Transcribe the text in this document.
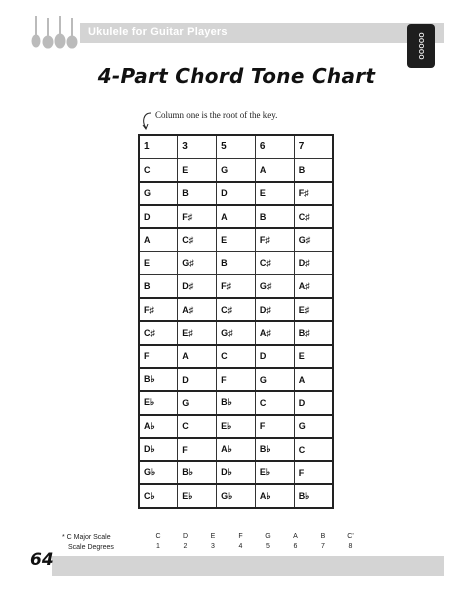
Ukulele for Guitar Players
ooooo
4-Part Chord Tone Chart
Column one is the root of the key.
1	3	5	6	7
C	E	G	A	B
G	B	D	E	F♯
D	F♯	A	B	C♯
A	C♯	E	F♯	G♯
E	G♯	B	C♯	D♯
B	D♯	F♯	G♯	A♯
F♯	A♯	C♯	D♯	E♯
C♯	E♯	G♯	A♯	B♯
F	A	C	D	E
B♭	D	F	G	A
E♭	G	B♭	C	D
A♭	C	E♭	F	G
D♭	F	A♭	B♭	C
G♭	B♭	D♭	E♭	F
C♭	E♭	G♭	A♭	B♭
* C Major Scale
Scale Degrees
C	D	E	F	G	A	B	C'
1	2	3	4	5	6	7	8
64
